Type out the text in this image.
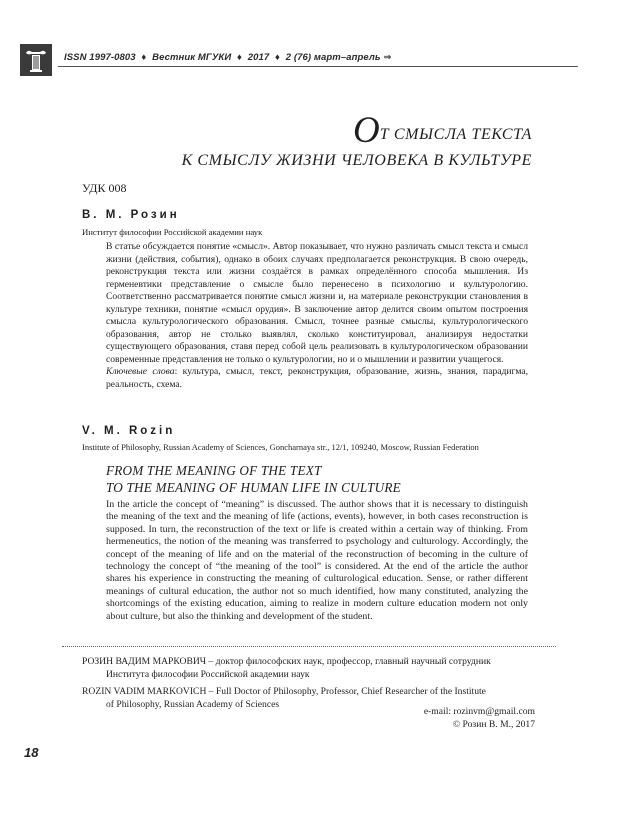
ISSN 1997-0803 ♦ Вестник МГУКИ ♦ 2017 ♦ 2 (76) март–апрель ⇒
ОТ СМЫСЛА ТЕКСТА
К СМЫСЛУ ЖИЗНИ ЧЕЛОВЕКА В КУЛЬТУРЕ
УДК 008
В. М. Розин
Институт философии Российской академии наук
В статье обсуждается понятие «смысл». Автор показывает, что нужно различать смысл текста и смысл жизни (действия, события), однако в обоих случаях предполагается реконструкция. В свою очередь, реконструкция текста или жизни создаётся в рамках определённого способа мышления. Из герменевтики представление о смысле было перенесено в психологию и культурологию. Соответственно рассматривается понятие смысл жизни и, на материале реконструкции становления в культуре техники, понятие «смысл орудия». В заключение автор делится своим опытом построения смысла культурологического образования. Смысл, точнее разные смыслы, культурологического образования, автор не столько выявлял, сколько конституировал, анализируя недостатки существующего образования, ставя перед собой цель реализовать в культурологическом образовании современные представления не только о культурологии, но и о мышлении и развитии учащегося.
Ключевые слова: культура, смысл, текст, реконструкция, образование, жизнь, знания, парадигма, реальность, схема.
V. M. Rozin
Institute of Philosophy, Russian Academy of Sciences, Goncharnaya str., 12/1, 109240, Moscow, Russian Federation
FROM THE MEANING OF THE TEXT
TO THE MEANING OF HUMAN LIFE IN CULTURE

In the article the concept of “meaning” is discussed. The author shows that it is necessary to distinguish the meaning of the text and the meaning of life (actions, events), however, in both cases reconstruction is supposed. In turn, the reconstruction of the text or life is created within a certain way of thinking. From hermeneutics, the notion of the meaning was transferred to psychology and culturology. Accordingly, the concept of the meaning of life and on the material of the reconstruction of becoming in the culture of technology the concept of “the meaning of the tool” is considered. At the end of the article the author shares his experience in constructing the meaning of culturological education. Sense, or rather different meanings of cultural education, the author not so much identified, how many constituted, analyzing the shortcomings of the existing education, aiming to realize in modern culture education modern not only about culture, but also the thinking and development of the student.

РОЗИН ВАДИМ МАРКОВИЧ – доктор философских наук, профессор, главный научный сотрудник
Института философии Российской академии наук
ROZIN VADIM MARKOVICH – Full Doctor of Philosophy, Professor, Chief Researcher of the Institute
of Philosophy, Russian Academy of Sciences
e-mail: rozinvm@gmail.com
© Розин В. М., 2017
18
